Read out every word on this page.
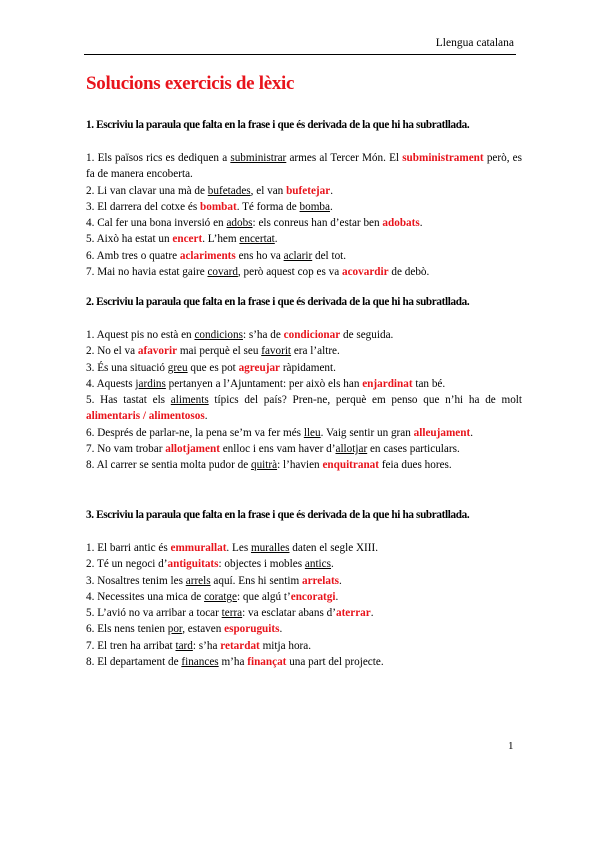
Llengua catalana
Solucions exercicis de lèxic

1. Escriviu la paraula que falta en la frase i que és derivada de la que hi ha subratllada.

1. Els països rics es dediquen a subministrar armes al Tercer Món. El subministrament però, es fa de manera encoberta.

2. Li van clavar una mà de bufetades, el van bufetejar.

3. El darrera del cotxe és bombat. Té forma de bomba.

4. Cal fer una bona inversió en adobs: els conreus han d’estar ben adobats.

5. Això ha estat un encert. L’hem encertat.

6. Amb tres o quatre aclariments ens ho va aclarir del tot.

7. Mai no havia estat gaire covard, però aquest cop es va acovardir de debò.

2. Escriviu la paraula que falta en la frase i que és derivada de la que hi ha subratllada.

1. Aquest pis no està en condicions: s’ha de condicionar de seguida.

2. No el va afavorir mai perquè el seu favorit era l’altre.

3. És una situació greu que es pot agreujar ràpidament.

4. Aquests jardins pertanyen a l’Ajuntament: per això els han enjardinat tan bé.

5. Has tastat els aliments típics del país? Pren-ne, perquè em penso que n’hi ha de molt alimentaris / alimentosos.

6. Després de parlar-ne, la pena se’m va fer més lleu. Vaig sentir un gran alleujament.

7. No vam trobar allotjament enlloc i ens vam haver d’allotjar en cases particulars.

8. Al carrer se sentia molta pudor de quitrà: l’havien enquitranat feia dues hores.

3. Escriviu la paraula que falta en la frase i que és derivada de la que hi ha subratllada.

1. El barri antic és emmurallat. Les muralles daten el segle XIII.

2. Té un negoci d’antiguitats: objectes i mobles antics.

3. Nosaltres tenim les arrels aquí. Ens hi sentim arrelats.

4. Necessites una mica de coratge: que algú t’encoratgi.

5. L’avió no va arribar a tocar terra: va esclatar abans d’aterrar.

6. Els nens tenien por, estaven esporuguits.

7. El tren ha arribat tard: s’ha retardat mitja hora.

8. El departament de finances m’ha finançat una part del projecte.

1
